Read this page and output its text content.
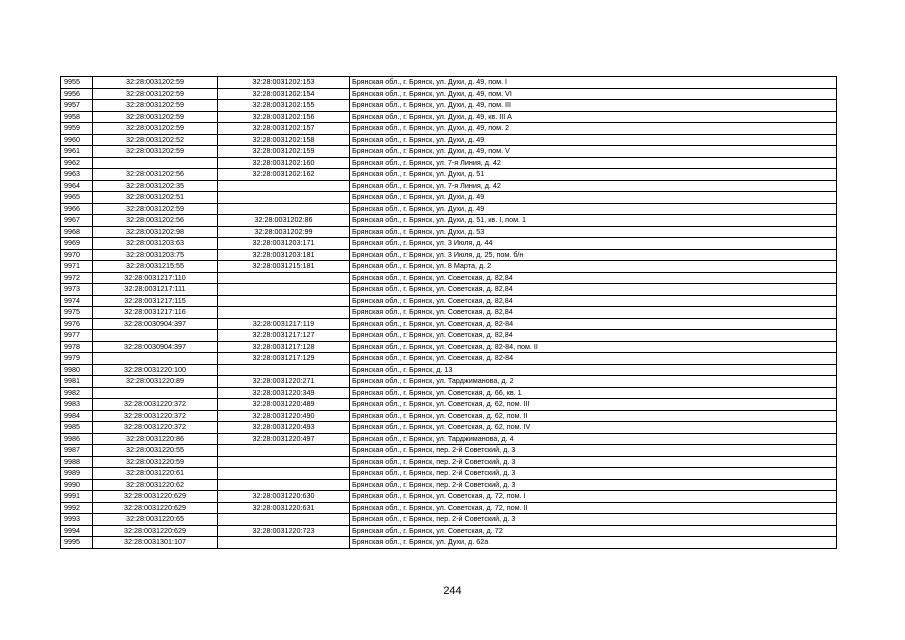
9955	32:28:0031202:59	32:28:0031202:153	Брянская обл., г. Брянск, ул. Духи, д. 49, пом. I
9956	32:28:0031202:59	32:28:0031202:154	Брянская обл., г. Брянск, ул. Духи, д. 49, пом. VI
9957	32:28:0031202:59	32:28:0031202:155	Брянская обл., г. Брянск, ул. Духи, д. 49, пом. III
9958	32:28:0031202:59	32:28:0031202:156	Брянская обл., г. Брянск, ул. Духи, д. 49, кв. III А
9959	32:28:0031202:59	32:28:0031202:157	Брянская обл., г. Брянск, ул. Духи, д. 49, пом. 2
9960	32:28:0031202:52	32:28:0031202:158	Брянская обл., г. Брянск, ул. Духи, д. 49
9961	32:28:0031202:59	32:28:0031202:159	Брянская обл., г. Брянск, ул. Духи, д. 49, пом. V
9962		32:28:0031202:160	Брянская обл., г. Брянск, ул. 7-я Линия, д. 42
9963	32:28:0031202:56	32:28:0031202:162	Брянская обл., г. Брянск, ул. Духи, д. 51
9964	32:28:0031202:35		Брянская обл., г. Брянск, ул. 7-я Линия, д. 42
9965	32:28:0031202:51		Брянская обл., г. Брянск, ул. Духи, д. 49
9966	32:28:0031202:59		Брянская обл., г. Брянск, ул. Духи, д. 49
9967	32:28:0031202:56	32:28:0031202:86	Брянская обл., г. Брянск, ул. Духи, д. 51, кв. I, пом. 1
9968	32:28:0031202:98	32:28:0031202:99	Брянская обл., г. Брянск, ул. Духи, д. 53
9969	32:28:0031203:63	32:28:0031203:171	Брянская обл., г. Брянск, ул. 3 Июля, д. 44
9970	32:28:0031203:75	32:28:0031203:181	Брянская обл., г. Брянск, ул. 3 Июля, д. 25, пом. б/н
9971	32:28:0031215:55	32:28:0031215:181	Брянская обл., г. Брянск, ул. 8 Марта, д. 2
9972	32:28:0031217:110		Брянская обл., г. Брянск, ул. Советская, д. 82,84
9973	32:28:0031217:111		Брянская обл., г. Брянск, ул. Советская, д. 82,84
9974	32:28:0031217:115		Брянская обл., г. Брянск, ул. Советская, д. 82,84
9975	32:28:0031217:116		Брянская обл., г. Брянск, ул. Советская, д. 82,84
9976	32:28:0030904:397	32:28:0031217:119	Брянская обл., г. Брянск, ул. Советская, д. 82-84
9977		32:28:0031217:127	Брянская обл., г. Брянск, ул. Советская, д. 82,84
9978	32:28:0030904:397	32:28:0031217:128	Брянская обл., г. Брянск, ул. Советская, д. 82-84, пом. II
9979		32:28:0031217:129	Брянская обл., г. Брянск, ул. Советская, д. 82-84
9980	32:28:0031220:100		Брянская обл., г. Брянск, д. 13
9981	32:28:0031220:89	32:28:0031220:271	Брянская обл., г. Брянск, ул. Тарджиманова, д. 2
9982		32:28:0031220:349	Брянская обл., г. Брянск, ул. Советская, д. 66, кв. 1
9983	32:28:0031220:372	32:28:0031220:489	Брянская обл., г. Брянск, ул. Советская, д. 62, пом. III
9984	32:28:0031220:372	32:28:0031220:490	Брянская обл., г. Брянск, ул. Советская, д. 62, пом. II
9985	32:28:0031220:372	32:28:0031220:493	Брянская обл., г. Брянск, ул. Советская, д. 62, пом. IV
9986	32:28:0031220:86	32:28:0031220:497	Брянская обл., г. Брянск, ул. Тарджиманова, д. 4
9987	32:28:0031220:55		Брянская обл., г. Брянск, пер. 2-й Советский, д. 3
9988	32:28:0031220:59		Брянская обл., г. Брянск, пер. 2-й Советский, д. 3
9989	32:28:0031220:61		Брянская обл., г. Брянск, пер. 2-й Советский, д. 3
9990	32:28:0031220:62		Брянская обл., г. Брянск, пер. 2-й Советский, д. 3
9991	32:28:0031220:629	32:28:0031220:630	Брянская обл., г. Брянск, ул. Советская, д. 72, пом. I
9992	32:28:0031220:629	32:28:0031220:631	Брянская обл., г. Брянск, ул. Советская, д. 72, пом. II
9993	32:28:0031220:65		Брянская обл., г. Брянск, пер. 2-й Советский, д. 3
9994	32:28:0031220:629	32:28:0031220:723	Брянская обл., г. Брянск, ул. Советская, д. 72
9995	32:28:0031301:107		Брянская обл., г. Брянск, ул. Духи, д. 62а
244
